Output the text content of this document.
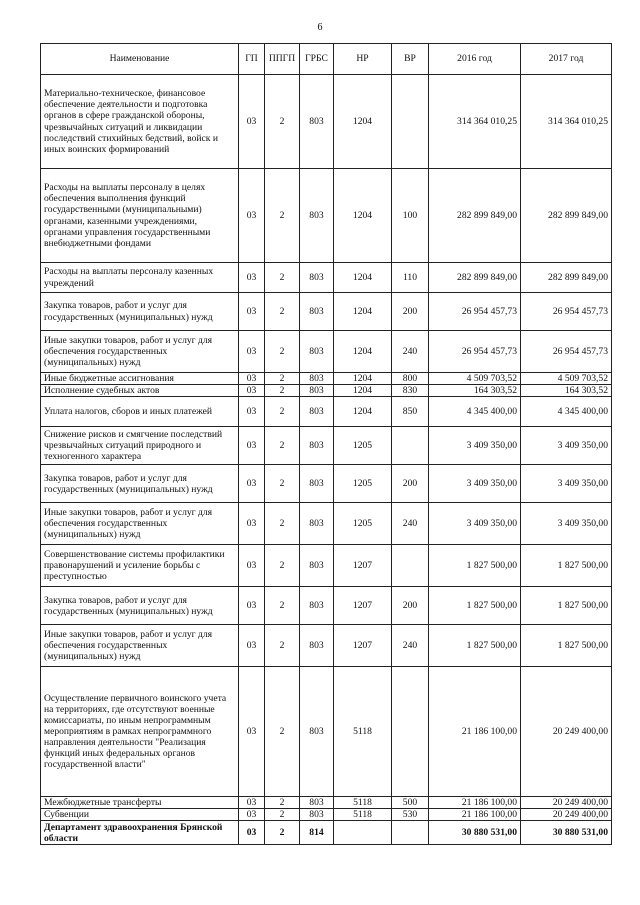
6
Наименование	ГП	ППГП	ГРБС	НР	ВР	2016 год	2017 год
Материально-техническое, финансовое обеспечение деятельности и подготовка органов в сфере гражданской обороны, чрезвычайных ситуаций и ликвидации последствий стихийных бедствий, войск и иных воинских формирований	03	2	803	1204		314 364 010,25	314 364 010,25
Расходы на выплаты персоналу в целях обеспечения выполнения функций государственными (муниципальными) органами, казенными учреждениями, органами управления государственными внебюджетными фондами	03	2	803	1204	100	282 899 849,00	282 899 849,00
Расходы на выплаты персоналу казенных учреждений	03	2	803	1204	110	282 899 849,00	282 899 849,00
Закупка товаров, работ и услуг для государственных (муниципальных) нужд	03	2	803	1204	200	26 954 457,73	26 954 457,73
Иные закупки товаров, работ и услуг для обеспечения государственных (муниципальных) нужд	03	2	803	1204	240	26 954 457,73	26 954 457,73
Иные бюджетные ассигнования	03	2	803	1204	800	4 509 703,52	4 509 703,52
Исполнение судебных актов	03	2	803	1204	830	164 303,52	164 303,52
Уплата налогов, сборов и иных платежей	03	2	803	1204	850	4 345 400,00	4 345 400,00
Снижение рисков и смягчение последствий чрезвычайных ситуаций природного и техногенного характера	03	2	803	1205		3 409 350,00	3 409 350,00
Закупка товаров, работ и услуг для государственных (муниципальных) нужд	03	2	803	1205	200	3 409 350,00	3 409 350,00
Иные закупки товаров, работ и услуг для обеспечения государственных (муниципальных) нужд	03	2	803	1205	240	3 409 350,00	3 409 350,00
Совершенствование системы профилактики правонарушений и усиление борьбы с преступностью	03	2	803	1207		1 827 500,00	1 827 500,00
Закупка товаров, работ и услуг для государственных (муниципальных) нужд	03	2	803	1207	200	1 827 500,00	1 827 500,00
Иные закупки товаров, работ и услуг для обеспечения государственных (муниципальных) нужд	03	2	803	1207	240	1 827 500,00	1 827 500,00
Осуществление первичного воинского учета на территориях, где отсутствуют военные комиссариаты, по иным непрограммным мероприятиям в рамках непрограммного направления деятельности "Реализация функций иных федеральных органов государственной власти"	03	2	803	5118		21 186 100,00	20 249 400,00
Межбюджетные трансферты	03	2	803	5118	500	21 186 100,00	20 249 400,00
Субвенции	03	2	803	5118	530	21 186 100,00	20 249 400,00
Департамент здравоохранения Брянской области	03	2	814			30 880 531,00	30 880 531,00
